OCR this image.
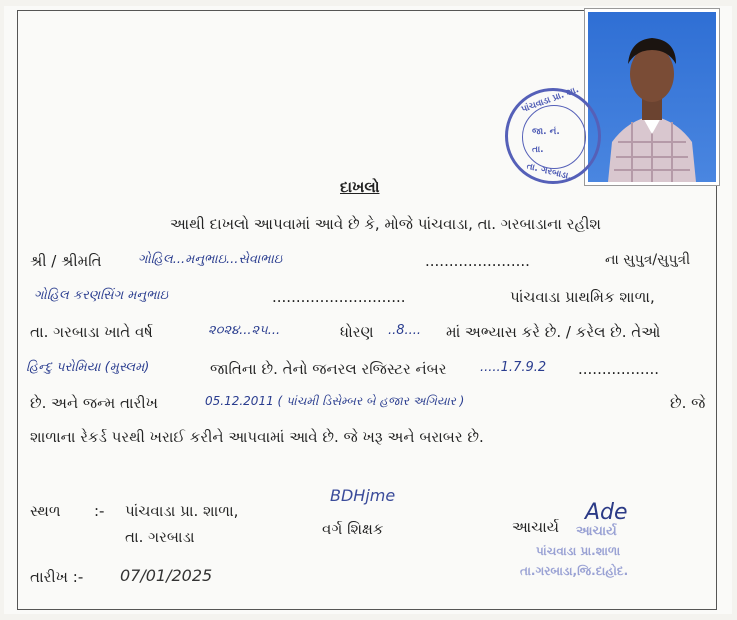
પાંચવાડા પ્રા. શા.
જા. નં.
તા.
તા. ગરબાડા,
દાખલો
આથી દાખલો આપવામાં આવે છે કે, મોજે પાંચવાડા, તા. ગરબાડાના રહીશ
શ્રી / શ્રીમતિ	ગોહિલ...મનુભાઇ...સેવાભાઇ	......................	ના સુપુત્ર/સુપુત્રી
ગોહિલ કરણસિંગ મનુભાઇ	............................	પાંચવાડા પ્રાથમિક શાળા,
તા. ગરબાડા ખાતે વર્ષ	૨૦૨૪...૨૫...	ધોરણ ..8.... માં અભ્યાસ કરે છે. / કરેલ છે. તેઓ
હિન્દુ પરોમિયા (મુસ્લમ)	જાતિના છે. તેનો જનરલ રજિસ્ટર નંબર	.....1.7.9.2 .................
છે. અને જન્મ તારીખ	05.12.2011 ( પાંચમી ડિસેમ્બર બે હજાર અગિયાર )	છે. જે
શાળાના રેકર્ડ પરથી ખરાઈ કરીને આપવામાં આવે છે. જે ખરૂ અને બરાબર છે.
સ્થળ :- પાંચવાડા પ્રા. શાળા,
તા. ગરબાડા
તારીખ :- 07/01/2025
BDHjme
વર્ગ શિક્ષક	આચાર્ય
Ade
આચાર્ય
પાંચવાડા પ્રા.શાળા
તા.ગરબાડા,જિ.દાહોદ.
